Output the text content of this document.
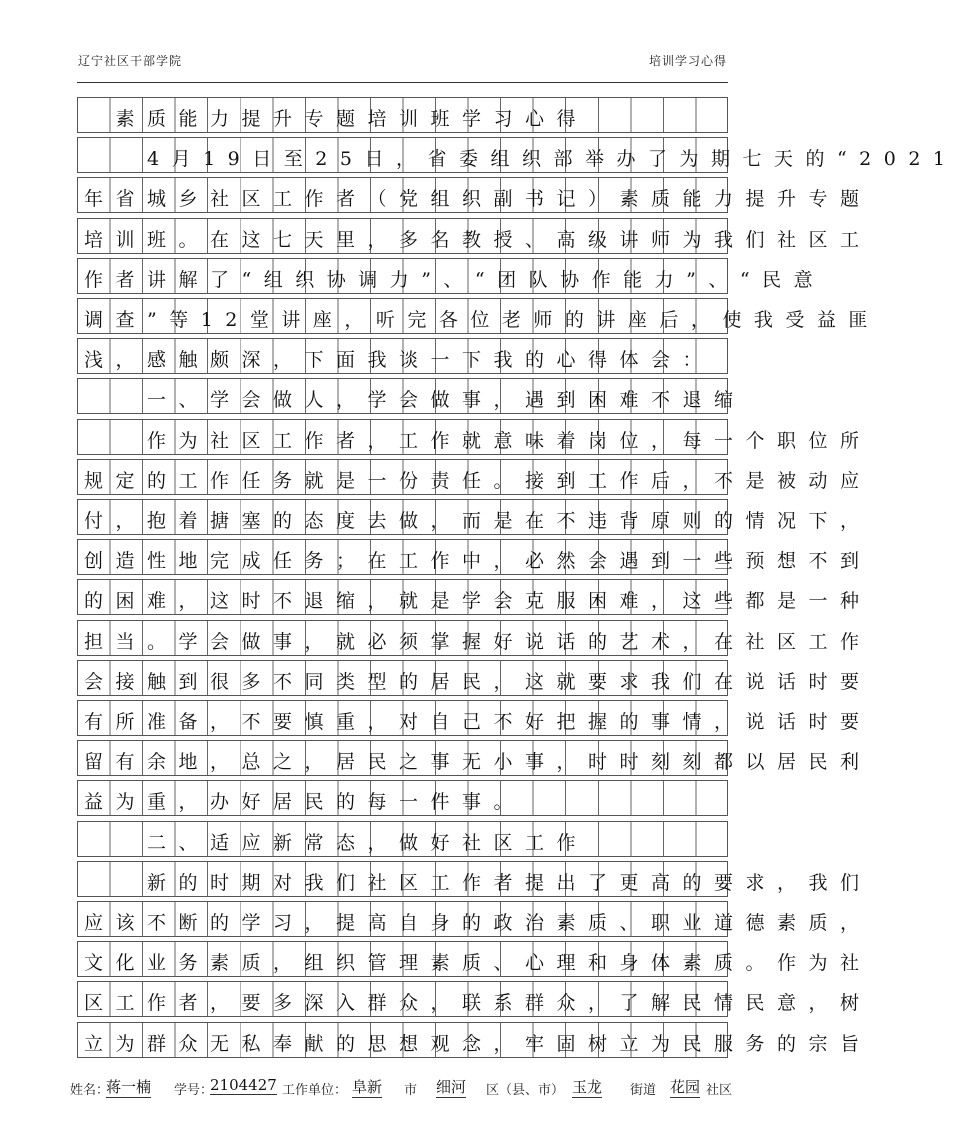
辽宁社区干部学院	培训学习心得
　素质能力提升专题培训班学习心得
　　4月19日至25日，省委组织部举办了为期七天的“2021
年省城乡社区工作者（党组织副书记）素质能力提升专题
培训班。在这七天里，多名教授、高级讲师为我们社区工
作者讲解了“组织协调力”、“团队协作能力”、“民意
调查”等12堂讲座，听完各位老师的讲座后，使我受益匪
浅，感触颇深，下面我谈一下我的心得体会：
　　一、学会做人，学会做事，遇到困难不退缩
　　作为社区工作者，工作就意味着岗位，每一个职位所
规定的工作任务就是一份责任。接到工作后，不是被动应
付，抱着搪塞的态度去做，而是在不违背原则的情况下，
创造性地完成任务；在工作中，必然会遇到一些预想不到
的困难，这时不退缩，就是学会克服困难，这些都是一种
担当。学会做事，就必须掌握好说话的艺术，在社区工作
会接触到很多不同类型的居民，这就要求我们在说话时要
有所准备，不要慎重，对自己不好把握的事情，说话时要
留有余地，总之，居民之事无小事，时时刻刻都以居民利
益为重，办好居民的每一件事。
　　二、适应新常态，做好社区工作
　　新的时期对我们社区工作者提出了更高的要求，我们
应该不断的学习，提高自身的政治素质、职业道德素质，
文化业务素质，组织管理素质、心理和身体素质。作为社
区工作者，要多深入群众，联系群众，了解民情民意，树
立为群众无私奉献的思想观念，牢固树立为民服务的宗旨
姓名：
蒋一楠 学号：
2104427 工作单位： 阜新 市 细河 区（县、市） 玉龙 街道 花园 社区
